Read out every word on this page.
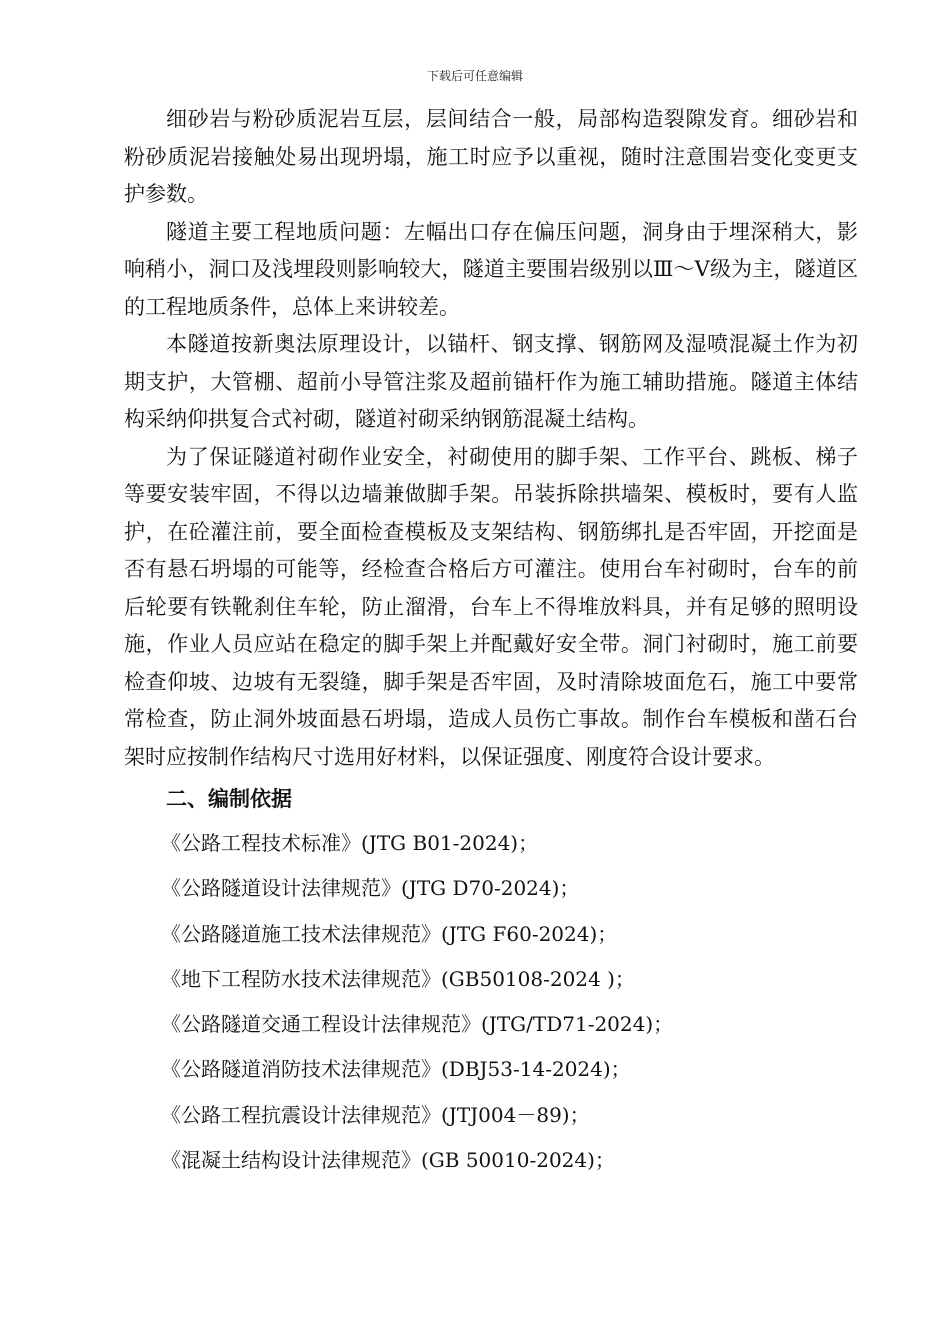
下载后可任意编辑

细砂岩与粉砂质泥岩互层，层间结合一般，局部构造裂隙发育。细砂岩和粉砂质泥岩接触处易出现坍塌，施工时应予以重视，随时注意围岩变化变更支护参数。

隧道主要工程地质问题：左幅出口存在偏压问题，洞身由于埋深稍大，影响稍小，洞口及浅埋段则影响较大，隧道主要围岩级别以Ⅲ～Ⅴ级为主，隧道区的工程地质条件，总体上来讲较差。

本隧道按新奥法原理设计，以锚杆、钢支撑、钢筋网及湿喷混凝土作为初期支护，大管棚、超前小导管注浆及超前锚杆作为施工辅助措施。隧道主体结构采纳仰拱复合式衬砌，隧道衬砌采纳钢筋混凝土结构。

为了保证隧道衬砌作业安全，衬砌使用的脚手架、工作平台、跳板、梯子等要安装牢固，不得以边墙兼做脚手架。吊装拆除拱墙架、模板时，要有人监护，在砼灌注前，要全面检查模板及支架结构、钢筋绑扎是否牢固，开挖面是否有悬石坍塌的可能等，经检查合格后方可灌注。使用台车衬砌时，台车的前后轮要有铁靴刹住车轮，防止溜滑，台车上不得堆放料具，并有足够的照明设施，作业人员应站在稳定的脚手架上并配戴好安全带。洞门衬砌时，施工前要检查仰坡、边坡有无裂缝，脚手架是否牢固，及时清除坡面危石，施工中要常常检查，防止洞外坡面悬石坍塌，造成人员伤亡事故。制作台车模板和凿石台架时应按制作结构尺寸选用好材料，以保证强度、刚度符合设计要求。

二、编制依据
《公路工程技术标准》(JTG B01-2024)；
《公路隧道设计法律规范》(JTG D70-2024)；
《公路隧道施工技术法律规范》(JTG F60-2024)；
《地下工程防水技术法律规范》(GB50108-2024 )；
《公路隧道交通工程设计法律规范》(JTG/TD71-2024)；
《公路隧道消防技术法律规范》(DBJ53-14-2024)；
《公路工程抗震设计法律规范》(JTJ004－89)；
《混凝土结构设计法律规范》(GB 50010-2024)；
